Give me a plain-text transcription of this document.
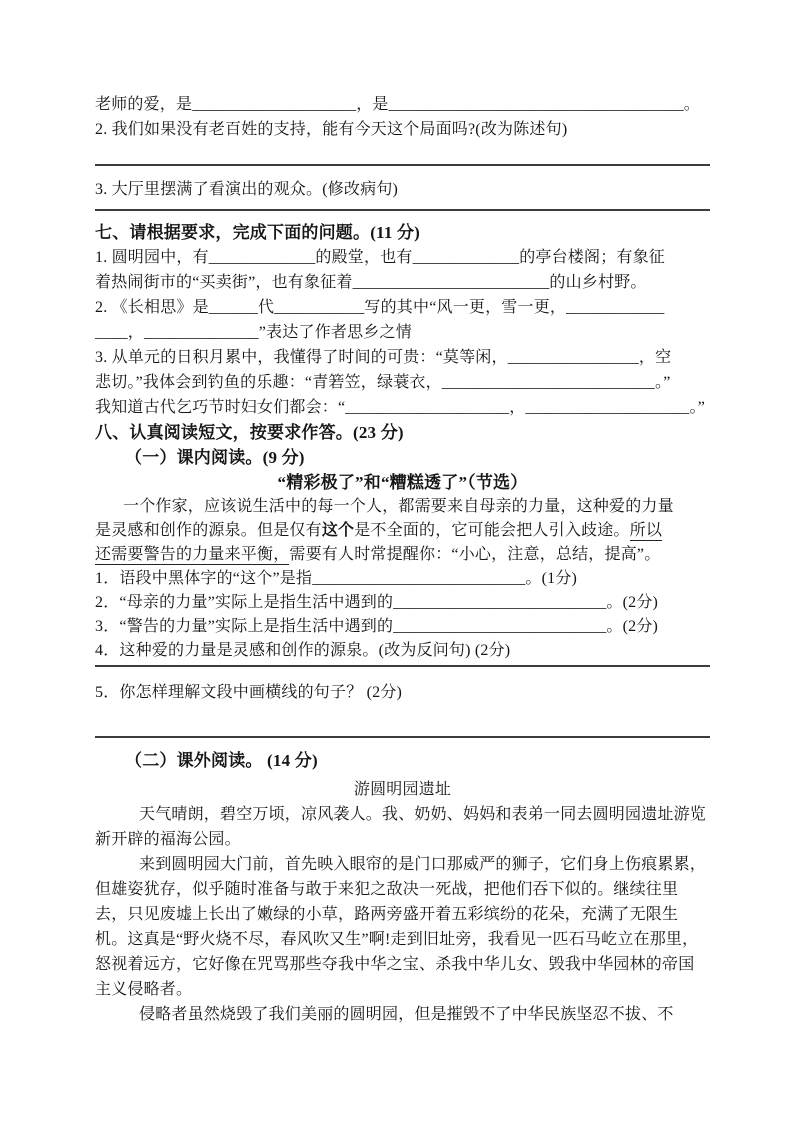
老师的爱，是____________________，是____________________________________。
2. 我们如果没有老百姓的支持，能有今天这个局面吗?(改为陈述句)
3. 大厅里摆满了看演出的观众。(修改病句)
七、请根据要求，完成下面的问题。(11 分)
1. 圆明园中，有_____________的殿堂，也有_____________的亭台楼阁；有象征
着热闹街市的“买卖街”，也有象征着________________________的山乡村野。
2. 《长相思》是______代___________写的其中“风一更，雪一更，____________
____，______________”表达了作者思乡之情
3. 从单元的日积月累中，我懂得了时间的可贵：“莫等闲，________________，空
悲切。”我体会到钓鱼的乐趣：“青箬笠，绿蓑衣，__________________________。”
我知道古代乞巧节时妇女们都会：“____________________，____________________。”
八、认真阅读短文，按要求作答。(23 分)
（一）课内阅读。(9 分)
“精彩极了”和“糟糕透了”（节选）
一个作家，应该说生活中的每一个人，都需要来自母亲的力量，这种爱的力量
是灵感和创作的源泉。但是仅有这个是不全面的，它可能会把人引入歧途。所以
还需要警告的力量来平衡，需要有人时常提醒你：“小心，注意，总结，提高”。
1．语段中黑体字的“这个”是指__________________________。(1分)
2．“母亲的力量”实际上是指生活中遇到的__________________________。(2分)
3．“警告的力量”实际上是指生活中遇到的__________________________。(2分)
4．这种爱的力量是灵感和创作的源泉。(改为反问句) (2分)
5．你怎样理解文段中画横线的句子？ (2分)
（二）课外阅读。 (14 分)
游圆明园遗址

天气晴朗，碧空万顷，凉风袭人。我、奶奶、妈妈和表弟一同去圆明园遗址游览新开辟的福海公园。

来到圆明园大门前，首先映入眼帘的是门口那威严的狮子，它们身上伤痕累累，但雄姿犹存，似乎随时准备与敢于来犯之敌决一死战，把他们吞下似的。继续往里去，只见废墟上长出了嫩绿的小草，路两旁盛开着五彩缤纷的花朵，充满了无限生机。这真是“野火烧不尽，春风吹又生”啊!走到旧址旁，我看见一匹石马屹立在那里，怒视着远方，它好像在咒骂那些夺我中华之宝、杀我中华儿女、毁我中华园林的帝国主义侵略者。

侵略者虽然烧毁了我们美丽的圆明园，但是摧毁不了中华民族坚忍不拔、不
